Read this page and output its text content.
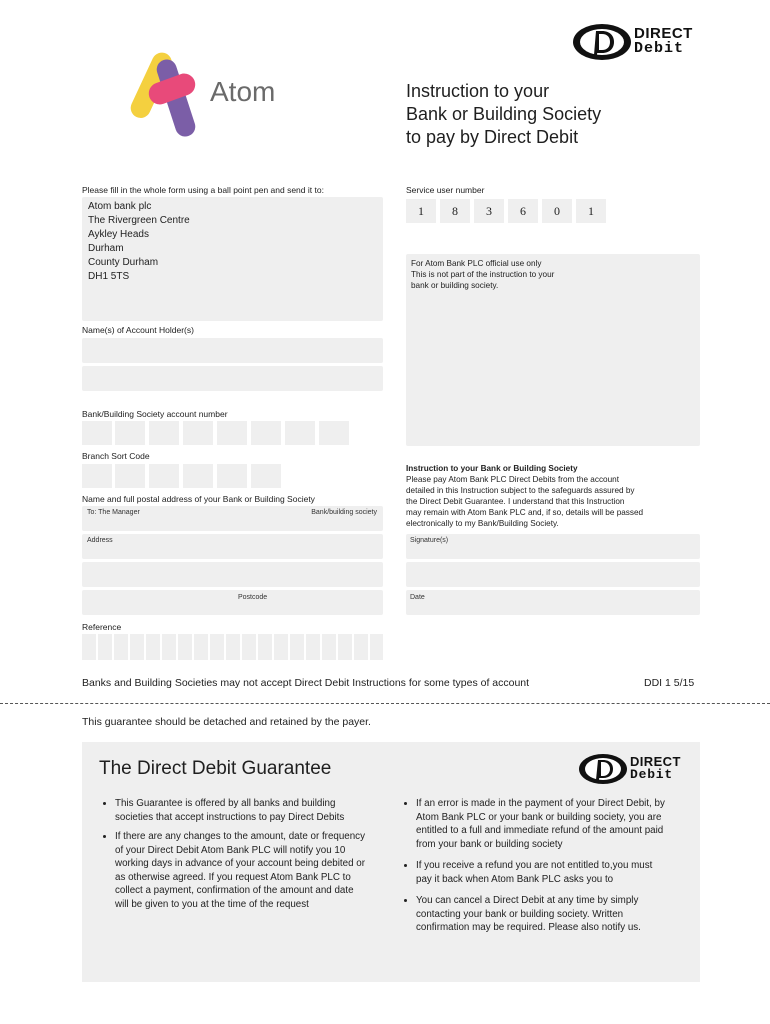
DIRECT
Debit
Atom	Instruction to your
Bank or Building Society
to pay by Direct Debit
Please fill in the whole form using a ball point pen and send it to:
Atom bank plc
The Rivergreen Centre
Aykley Heads
Durham
County Durham
DH1 5TS
Name(s) of Account Holder(s)
Bank/Building Society account number
Branch Sort Code
Name and full postal address of your Bank or Building Society
To: The Manager	Bank/building society
Address
Postcode
Reference
Service user number
1	8	3	6	0	1
For Atom Bank PLC official use only
This is not part of the instruction to your
bank or building society.
Instruction to your Bank or Building Society
Please pay Atom Bank PLC Direct Debits from the account
detailed in this Instruction subject to the safeguards assured by
the Direct Debit Guarantee. I understand that this Instruction
may remain with Atom Bank PLC and, if so, details will be passed
electronically to my Bank/Building Society.
Signature(s)
Date
Banks and Building Societies may not accept Direct Debit Instructions for some types of account	DDI 1 5/15
This guarantee should be detached and retained by the payer.
The Direct Debit Guarantee	DIRECT
Debit
• This Guarantee is offered by all banks and building societies that accept instructions to pay Direct Debits
• If there are any changes to the amount, date or frequency of your Direct Debit Atom Bank PLC will notify you 10 working days in advance of your account being debited or as otherwise agreed. If you request Atom Bank PLC to collect a payment, confirmation of the amount and date will be given to you at the time of the request
• If an error is made in the payment of your Direct Debit, by Atom Bank PLC or your bank or building society, you are entitled to a full and immediate refund of the amount paid from your bank or building society
• If you receive a refund you are not entitled to,you must pay it back when Atom Bank PLC asks you to
• You can cancel a Direct Debit at any time by simply contacting your bank or building society. Written confirmation may be required. Please also notify us.
